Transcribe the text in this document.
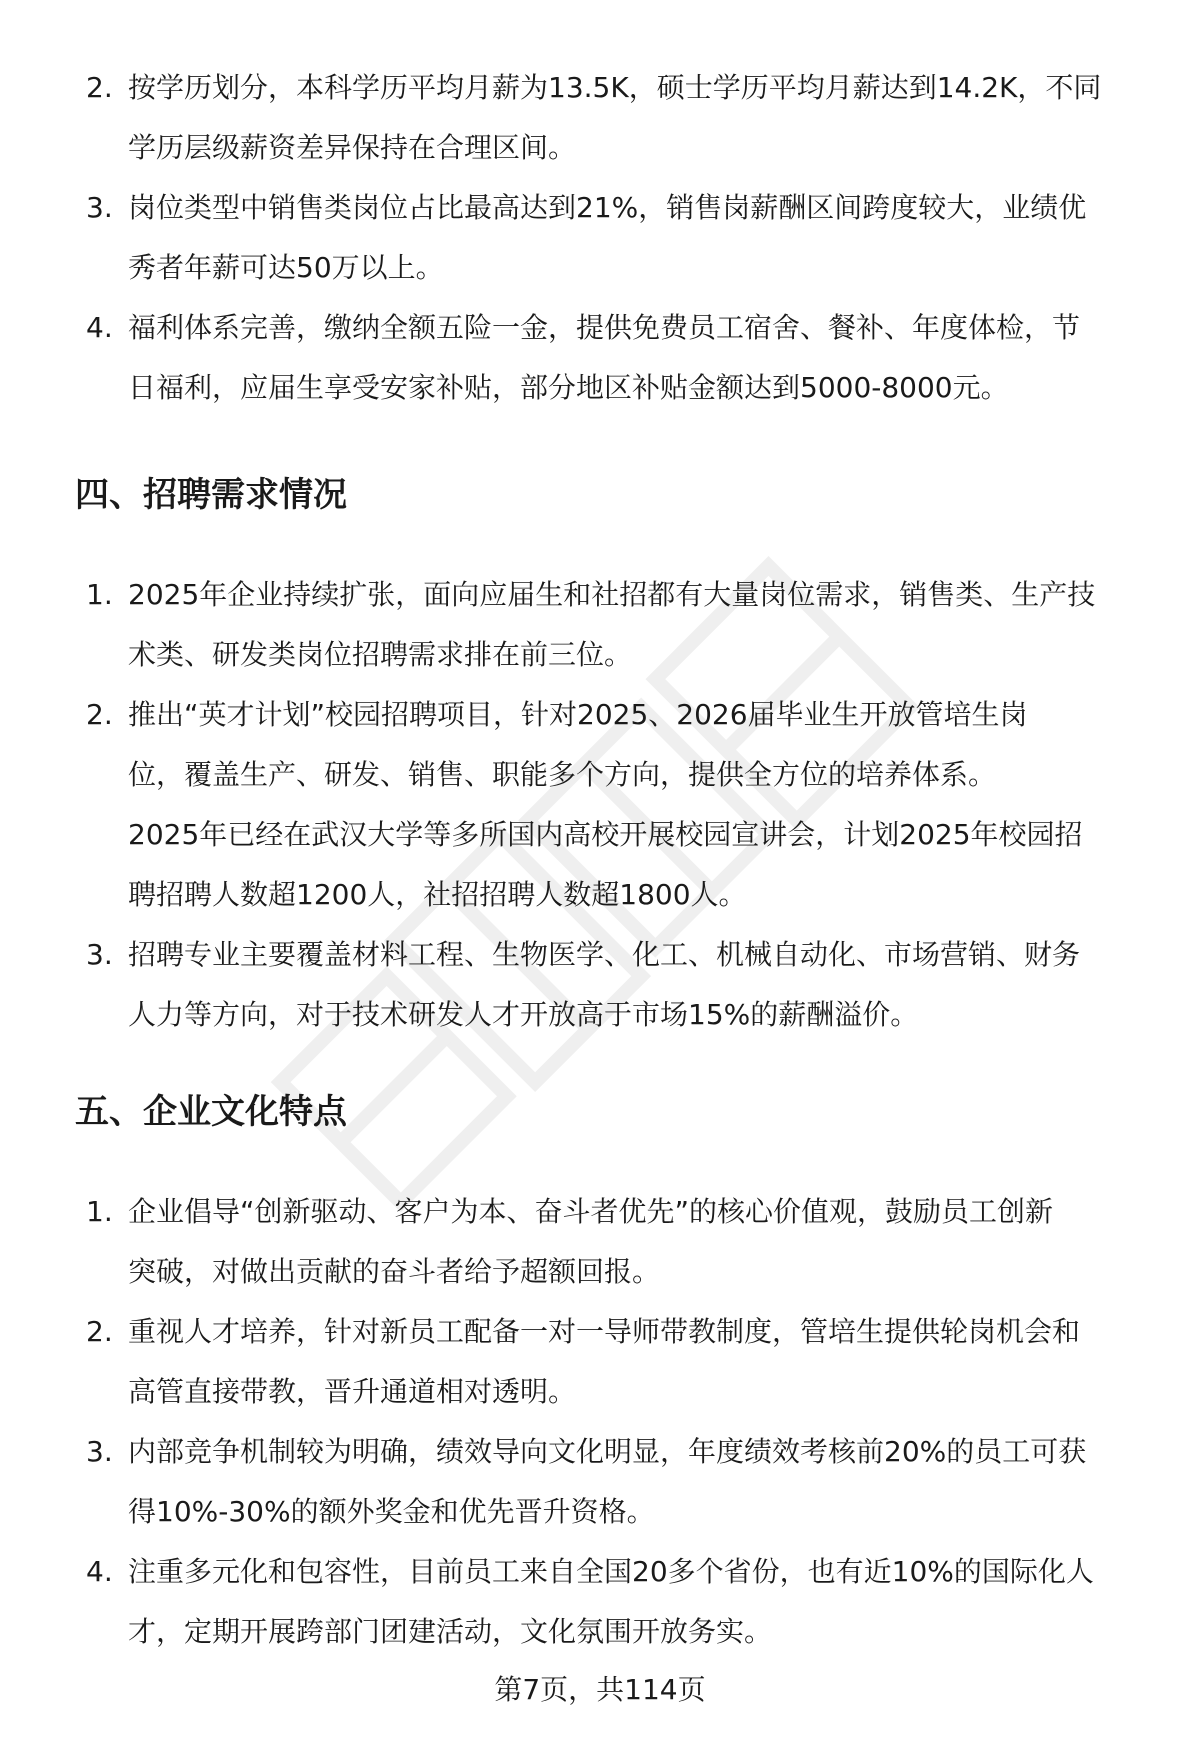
2. 按学历划分，本科学历平均月薪为13.5K，硕士学历平均月薪达到14.2K，不同
学历层级薪资差异保持在合理区间。
3. 岗位类型中销售类岗位占比最高达到21%，销售岗薪酬区间跨度较大，业绩优
秀者年薪可达50万以上。
4. 福利体系完善，缴纳全额五险一金，提供免费员工宿舍、餐补、年度体检，节
日福利，应届生享受安家补贴，部分地区补贴金额达到5000-8000元。
四、招聘需求情况
1. 2025年企业持续扩张，面向应届生和社招都有大量岗位需求，销售类、生产技
术类、研发类岗位招聘需求排在前三位。
2. 推出“英才计划”校园招聘项目，针对2025、2026届毕业生开放管培生岗
位，覆盖生产、研发、销售、职能多个方向，提供全方位的培养体系。
2025年已经在武汉大学等多所国内高校开展校园宣讲会，计划2025年校园招
聘招聘人数超1200人，社招招聘人数超1800人。
3. 招聘专业主要覆盖材料工程、生物医学、化工、机械自动化、市场营销、财务
人力等方向，对于技术研发人才开放高于市场15%的薪酬溢价。
五、企业文化特点
1. 企业倡导“创新驱动、客户为本、奋斗者优先”的核心价值观，鼓励员工创新
突破，对做出贡献的奋斗者给予超额回报。
2. 重视人才培养，针对新员工配备一对一导师带教制度，管培生提供轮岗机会和
高管直接带教，晋升通道相对透明。
3. 内部竞争机制较为明确，绩效导向文化明显，年度绩效考核前20%的员工可获
得10%-30%的额外奖金和优先晋升资格。
4. 注重多元化和包容性，目前员工来自全国20多个省份，也有近10%的国际化人
才，定期开展跨部门团建活动，文化氛围开放务实。
第7页，共114页
